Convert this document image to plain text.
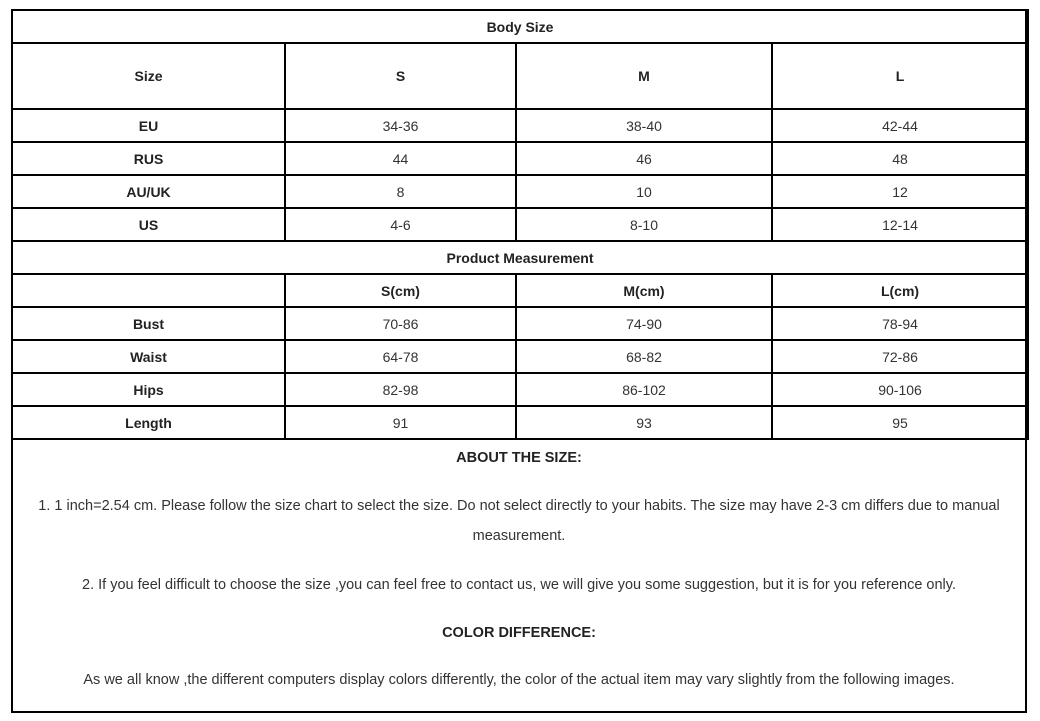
Body Size			
Size	S	M	L
EU	34-36	38-40	42-44
RUS	44	46	48
AU/UK	8	10	12
US	4-6	8-10	12-14
Product Measurement			
	S(cm)	M(cm)	L(cm)
Bust	70-86	74-90	78-94
Waist	64-78	68-82	72-86
Hips	82-98	86-102	90-106
Length	91	93	95

ABOUT THE SIZE:

1. 1 inch=2.54 cm. Please follow the size chart to select the size. Do not select directly to your habits. The size may have 2-3 cm differs due to manual

measurement.

2. If you feel difficult to choose the size ,you can feel free to contact us, we will give you some suggestion, but it is for you reference only.

COLOR DIFFERENCE:

As we all know ,the different computers display colors differently, the color of the actual item may vary slightly from the following images.
